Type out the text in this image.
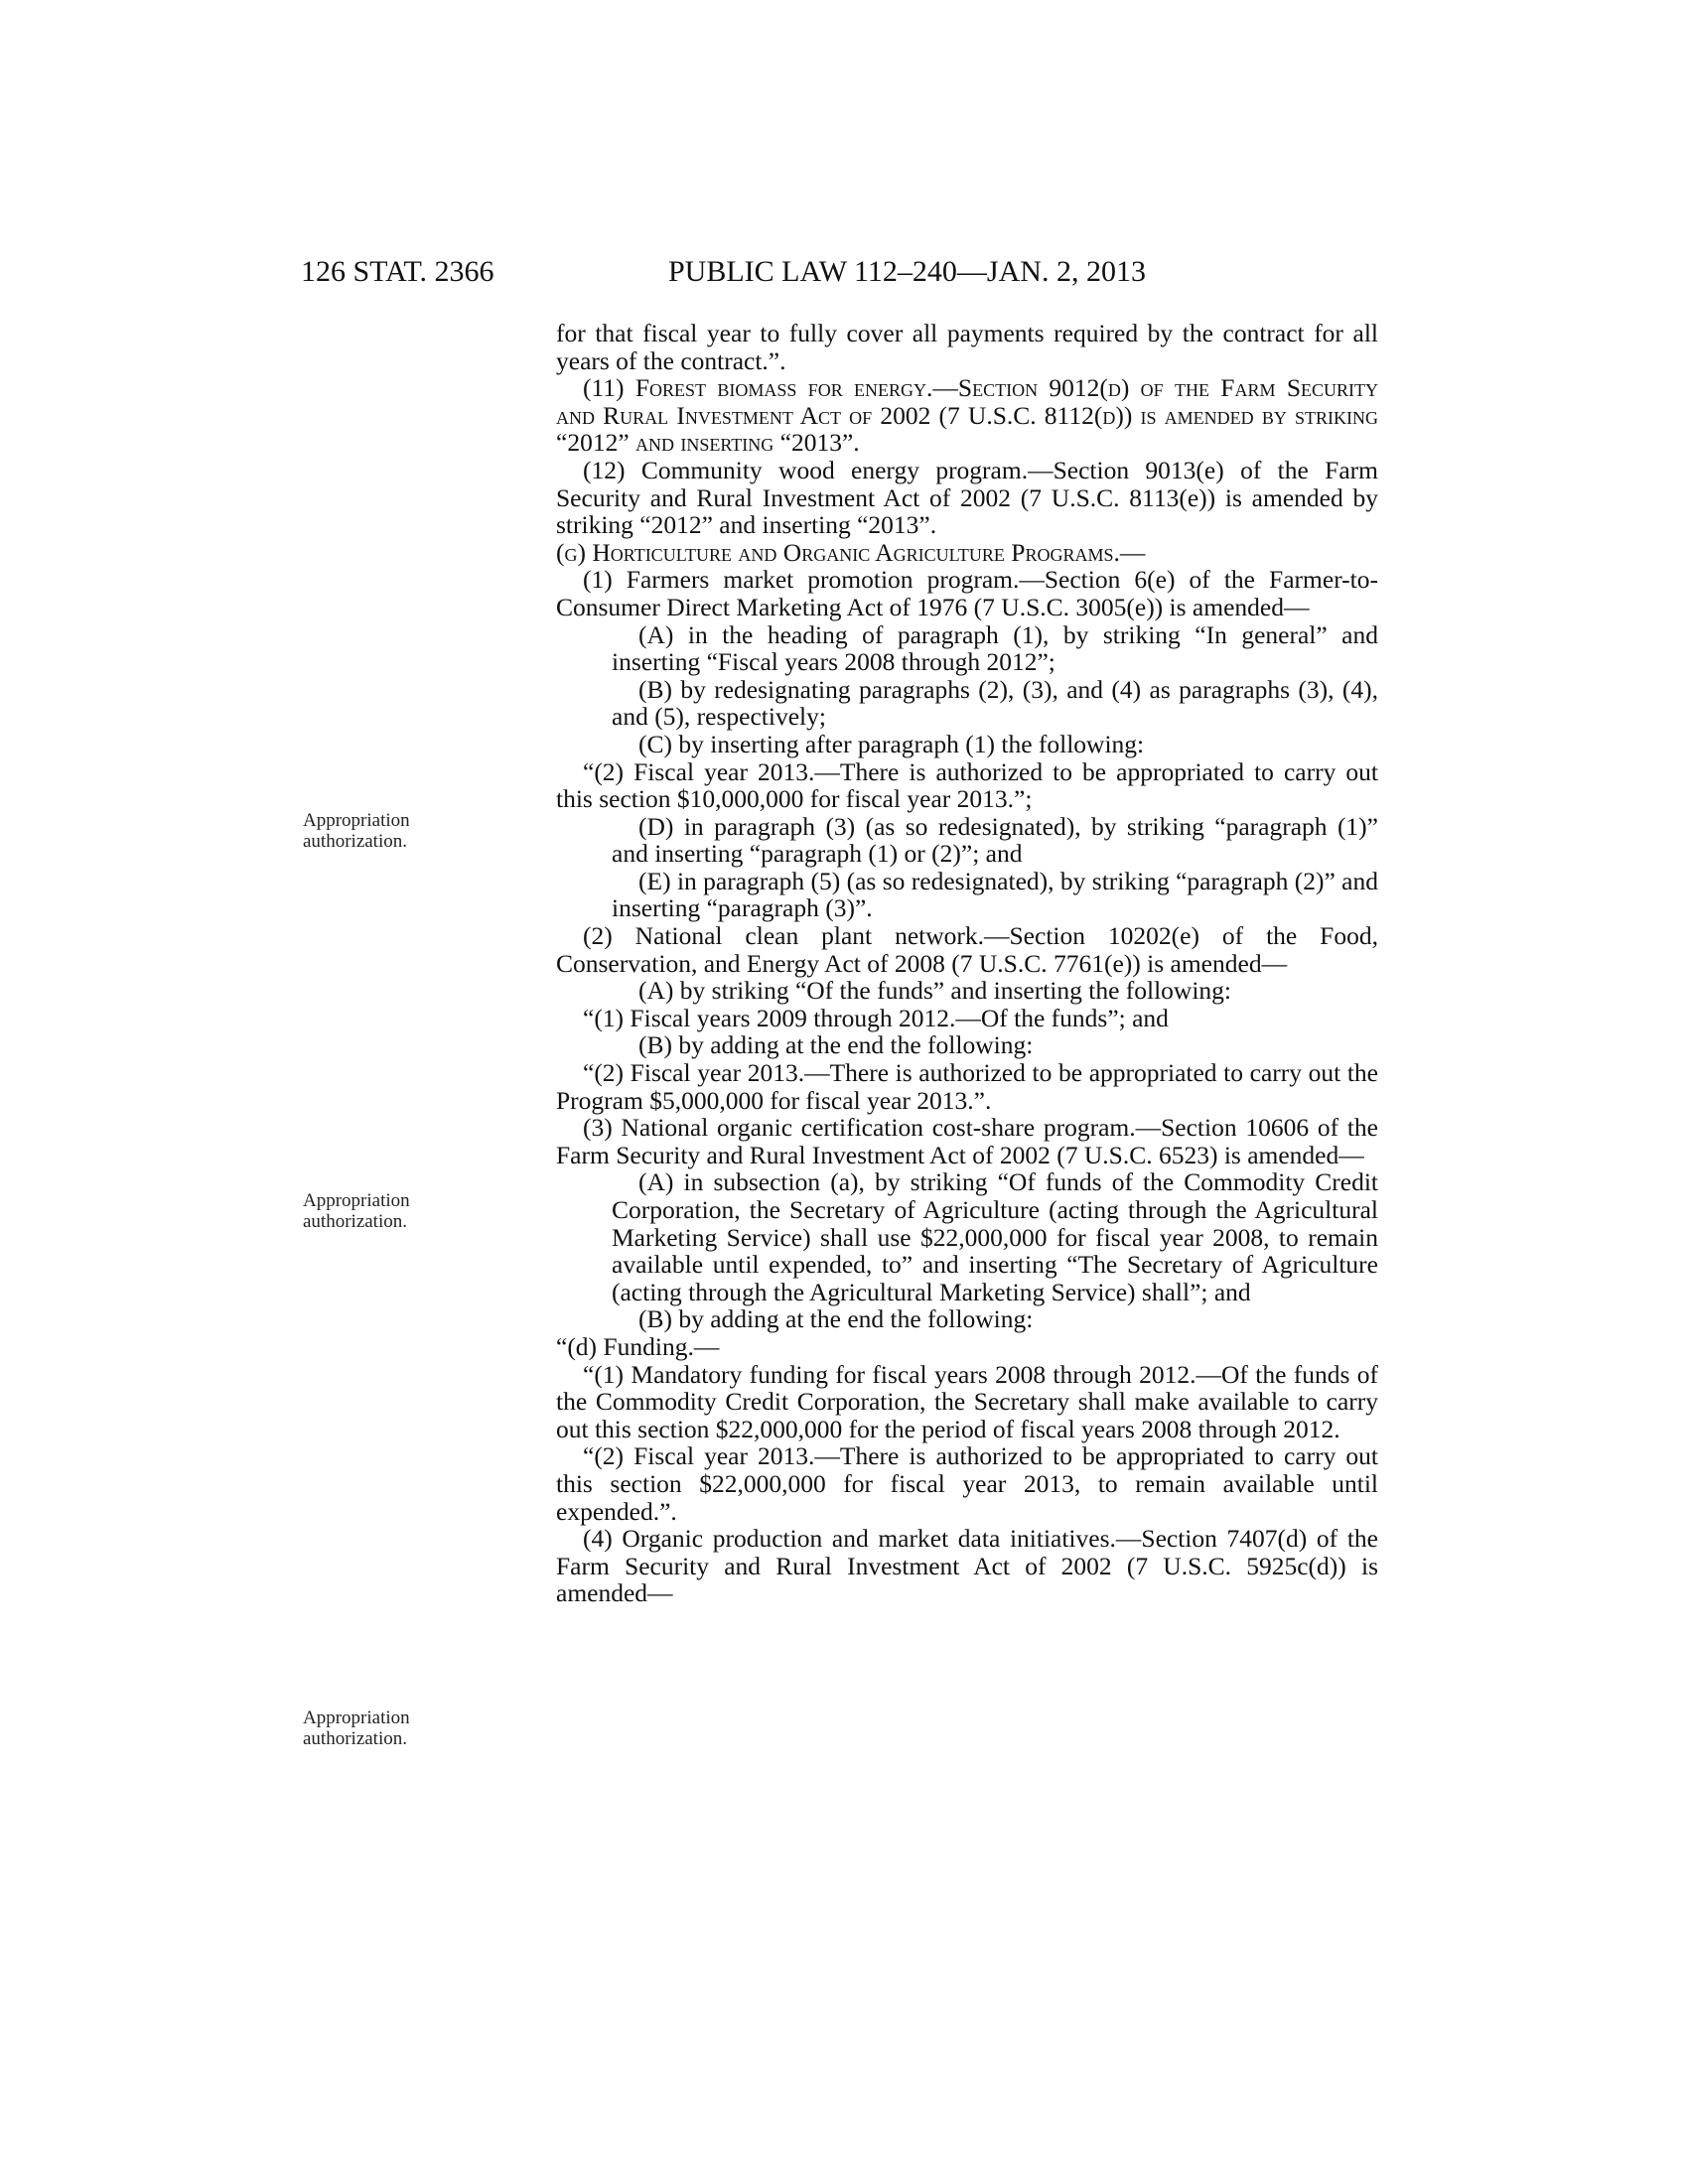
126 STAT. 2366	PUBLIC LAW 112–240—JAN. 2, 2013
Appropriation authorization.
Appropriation authorization.
Appropriation authorization.

for that fiscal year to fully cover all payments required by the contract for all years of the contract.”.

(11) Forest biomass for energy.—Section 9012(d) of the Farm Security and Rural Investment Act of 2002 (7 U.S.C. 8112(d)) is amended by striking “2012” and inserting “2013”.

(12) Community wood energy program.—Section 9013(e) of the Farm Security and Rural Investment Act of 2002 (7 U.S.C. 8113(e)) is amended by striking “2012” and inserting “2013”.

(g) Horticulture and Organic Agriculture Programs.—

(1) Farmers market promotion program.—Section 6(e) of the Farmer-to-Consumer Direct Marketing Act of 1976 (7 U.S.C. 3005(e)) is amended—

(A) in the heading of paragraph (1), by striking “In general” and inserting “Fiscal years 2008 through 2012”;

(B) by redesignating paragraphs (2), (3), and (4) as paragraphs (3), (4), and (5), respectively;

(C) by inserting after paragraph (1) the following:

“(2) Fiscal year 2013.—There is authorized to be appropriated to carry out this section $10,000,000 for fiscal year 2013.”;

(D) in paragraph (3) (as so redesignated), by striking “paragraph (1)” and inserting “paragraph (1) or (2)”; and

(E) in paragraph (5) (as so redesignated), by striking “paragraph (2)” and inserting “paragraph (3)”.

(2) National clean plant network.—Section 10202(e) of the Food, Conservation, and Energy Act of 2008 (7 U.S.C. 7761(e)) is amended—

(A) by striking “Of the funds” and inserting the following:

“(1) Fiscal years 2009 through 2012.—Of the funds”; and

(B) by adding at the end the following:

“(2) Fiscal year 2013.—There is authorized to be appropriated to carry out the Program $5,000,000 for fiscal year 2013.”.

(3) National organic certification cost-share program.—Section 10606 of the Farm Security and Rural Investment Act of 2002 (7 U.S.C. 6523) is amended—

(A) in subsection (a), by striking “Of funds of the Commodity Credit Corporation, the Secretary of Agriculture (acting through the Agricultural Marketing Service) shall use $22,000,000 for fiscal year 2008, to remain available until expended, to” and inserting “The Secretary of Agriculture (acting through the Agricultural Marketing Service) shall”; and

(B) by adding at the end the following:

“(d) Funding.—

“(1) Mandatory funding for fiscal years 2008 through 2012.—Of the funds of the Commodity Credit Corporation, the Secretary shall make available to carry out this section $22,000,000 for the period of fiscal years 2008 through 2012.

“(2) Fiscal year 2013.—There is authorized to be appropriated to carry out this section $22,000,000 for fiscal year 2013, to remain available until expended.”.

(4) Organic production and market data initiatives.—Section 7407(d) of the Farm Security and Rural Investment Act of 2002 (7 U.S.C. 5925c(d)) is amended—
